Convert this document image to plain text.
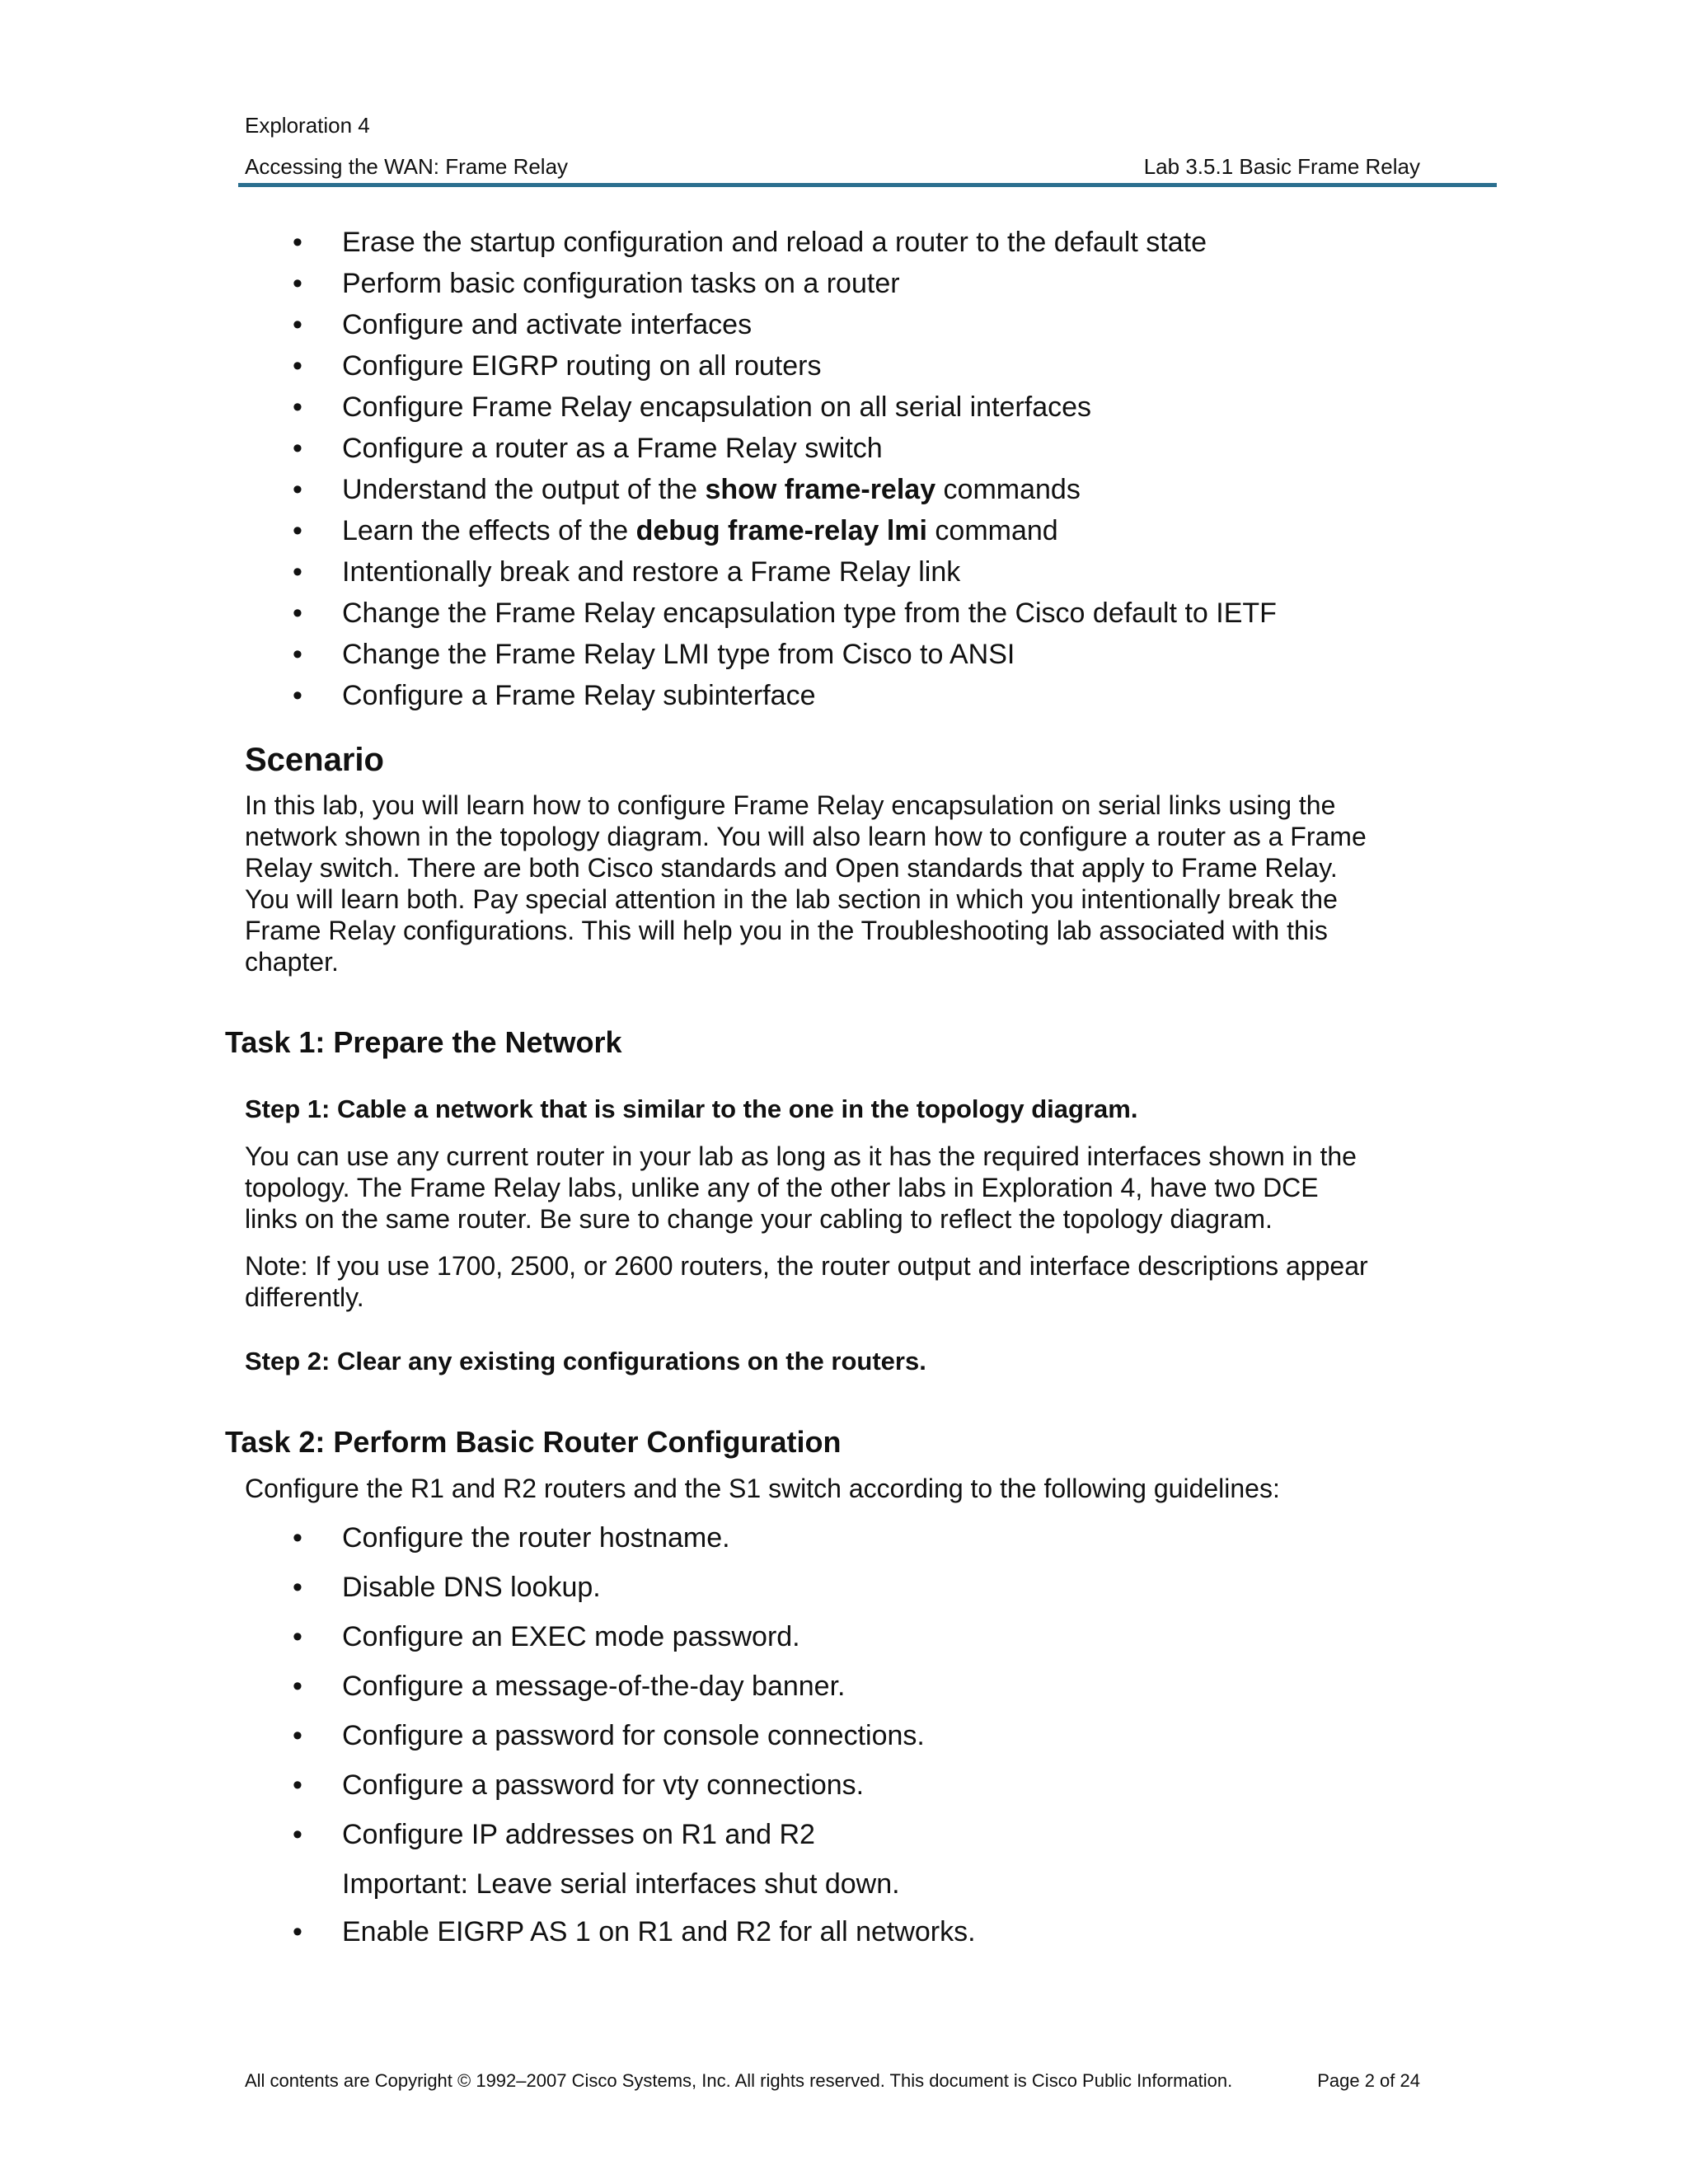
Exploration 4
Accessing the WAN: Frame Relay	Lab 3.5.1 Basic Frame Relay
• Erase the startup configuration and reload a router to the default state
• Perform basic configuration tasks on a router
• Configure and activate interfaces
• Configure EIGRP routing on all routers
• Configure Frame Relay encapsulation on all serial interfaces
• Configure a router as a Frame Relay switch
• Understand the output of the show frame-relay commands
• Learn the effects of the debug frame-relay lmi command
• Intentionally break and restore a Frame Relay link
• Change the Frame Relay encapsulation type from the Cisco default to IETF
• Change the Frame Relay LMI type from Cisco to ANSI
• Configure a Frame Relay subinterface
Scenario
In this lab, you will learn how to configure Frame Relay encapsulation on serial links using the
network shown in the topology diagram. You will also learn how to configure a router as a Frame
Relay switch. There are both Cisco standards and Open standards that apply to Frame Relay.
You will learn both. Pay special attention in the lab section in which you intentionally break the
Frame Relay configurations. This will help you in the Troubleshooting lab associated with this
chapter.
Task 1: Prepare the Network
Step 1: Cable a network that is similar to the one in the topology diagram.
You can use any current router in your lab as long as it has the required interfaces shown in the
topology. The Frame Relay labs, unlike any of the other labs in Exploration 4, have two DCE
links on the same router. Be sure to change your cabling to reflect the topology diagram.
Note: If you use 1700, 2500, or 2600 routers, the router output and interface descriptions appear
differently.
Step 2: Clear any existing configurations on the routers.
Task 2: Perform Basic Router Configuration
Configure the R1 and R2 routers and the S1 switch according to the following guidelines:
• Configure the router hostname.
• Disable DNS lookup.
• Configure an EXEC mode password.
• Configure a message-of-the-day banner.
• Configure a password for console connections.
• Configure a password for vty connections.
• Configure IP addresses on R1 and R2
Important: Leave serial interfaces shut down.
• Enable EIGRP AS 1 on R1 and R2 for all networks.
All contents are Copyright © 1992–2007 Cisco Systems, Inc. All rights reserved. This document is Cisco Public Information.	Page 2 of 24
